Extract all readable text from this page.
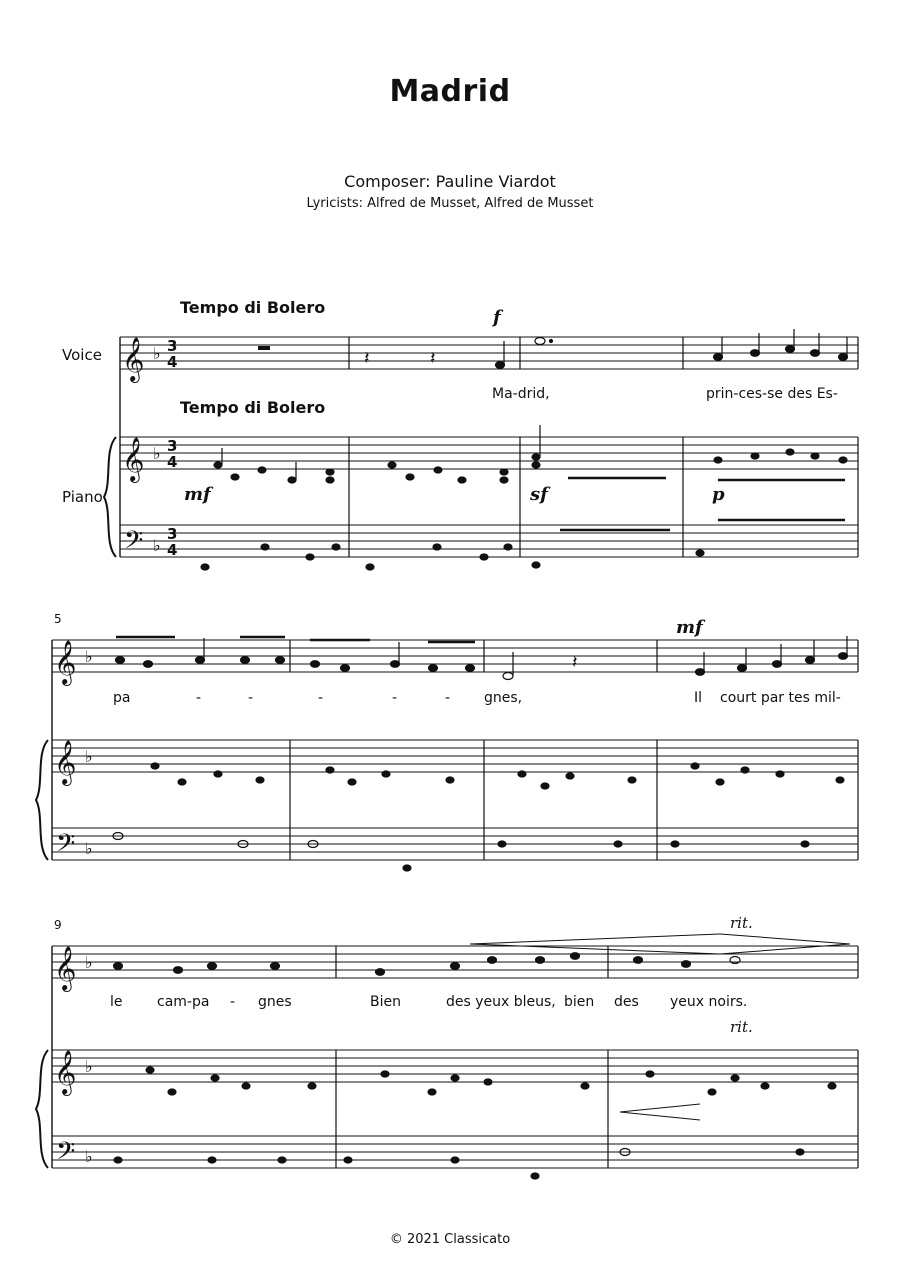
Madrid
Composer: Pauline Viardot
Lyricists: Alfred de Musset, Alfred de Musset
𝄞
𝄞
𝄢
𝄞
𝄞
𝄢
𝄞
𝄞
𝄢
♭
♭
♭
♭
♭
♭
♭
♭
♭
3
4
3
4
3
4
𝄽	𝄽
𝄽
Tempo di Bolero
Tempo di Bolero
Voice
Piano
5
9
f
mf	sf	p
mf
rit.
rit.
Ma-drid,	prin-ces-se des Es-
pa	-	-	-	-	- gnes,	Il court par tes mil-
le cam-pa - gnes	Bien	des yeux bleus, bien des yeux noirs.
© 2021 Classicato
